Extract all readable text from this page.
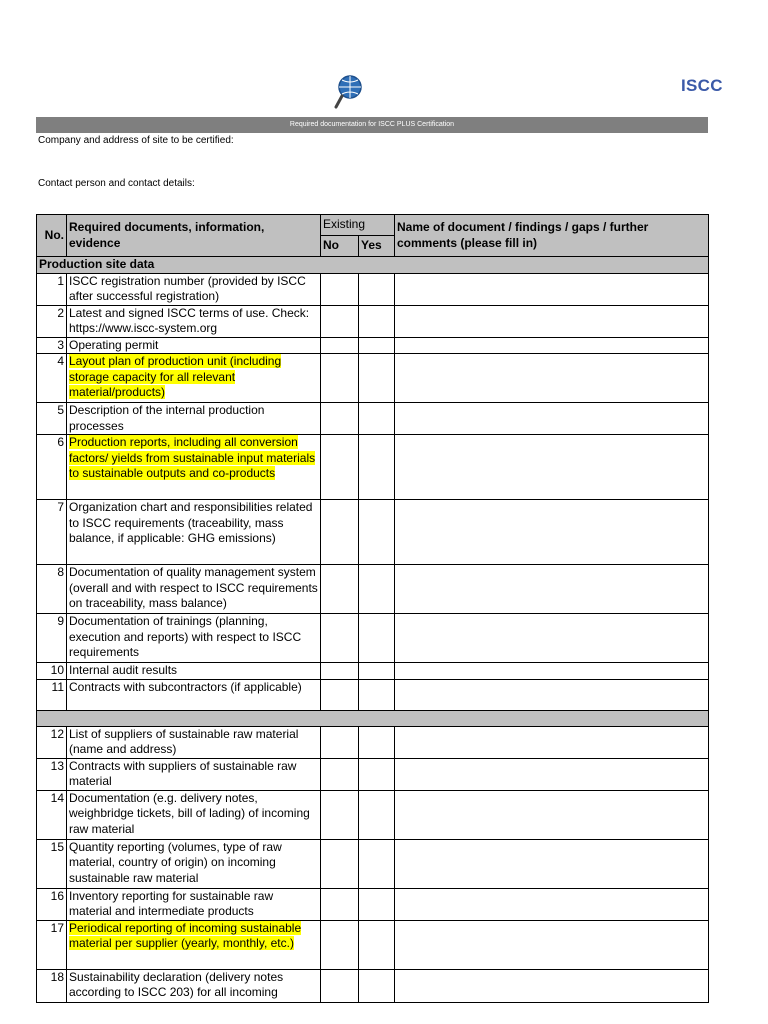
ISCC
Required documentation for ISCC PLUS Certification
Company and address of site to be certified:
Contact person and contact details:
No.	Required documents, information, evidence	Existing		Name of document / findings / gaps / further comments (please fill in)
		No	Yes	
Production site data				
1	ISCC registration number (provided by ISCC after successful registration)			
2	Latest and signed ISCC terms of use. Check: https://www.iscc-system.org			
3	Operating permit			
4	Layout plan of production unit (including storage capacity for all relevant material/products)			
5	Description of the internal production processes			
6	Production reports, including all conversion factors/ yields from sustainable input materials to sustainable outputs and co-products			
7	Organization chart and responsibilities related to ISCC requirements (traceability, mass balance, if applicable: GHG emissions)			
8	Documentation of quality management system (overall and with respect to ISCC requirements on traceability, mass balance)			
9	Documentation of trainings (planning, execution and reports) with respect to ISCC requirements			
10	Internal audit results			
11	Contracts with subcontractors (if applicable)			

12	List of suppliers of sustainable raw material (name and address)			
13	Contracts with suppliers of sustainable raw material			
14	Documentation (e.g. delivery notes, weighbridge tickets, bill of lading) of incoming raw material			
15	Quantity reporting (volumes, type of raw material, country of origin) on incoming sustainable raw material			
16	Inventory reporting for sustainable raw material and intermediate products			
17	Periodical reporting of incoming sustainable material per supplier (yearly, monthly, etc.)			
18	Sustainability declaration (delivery notes according to ISCC 203) for all incoming			
